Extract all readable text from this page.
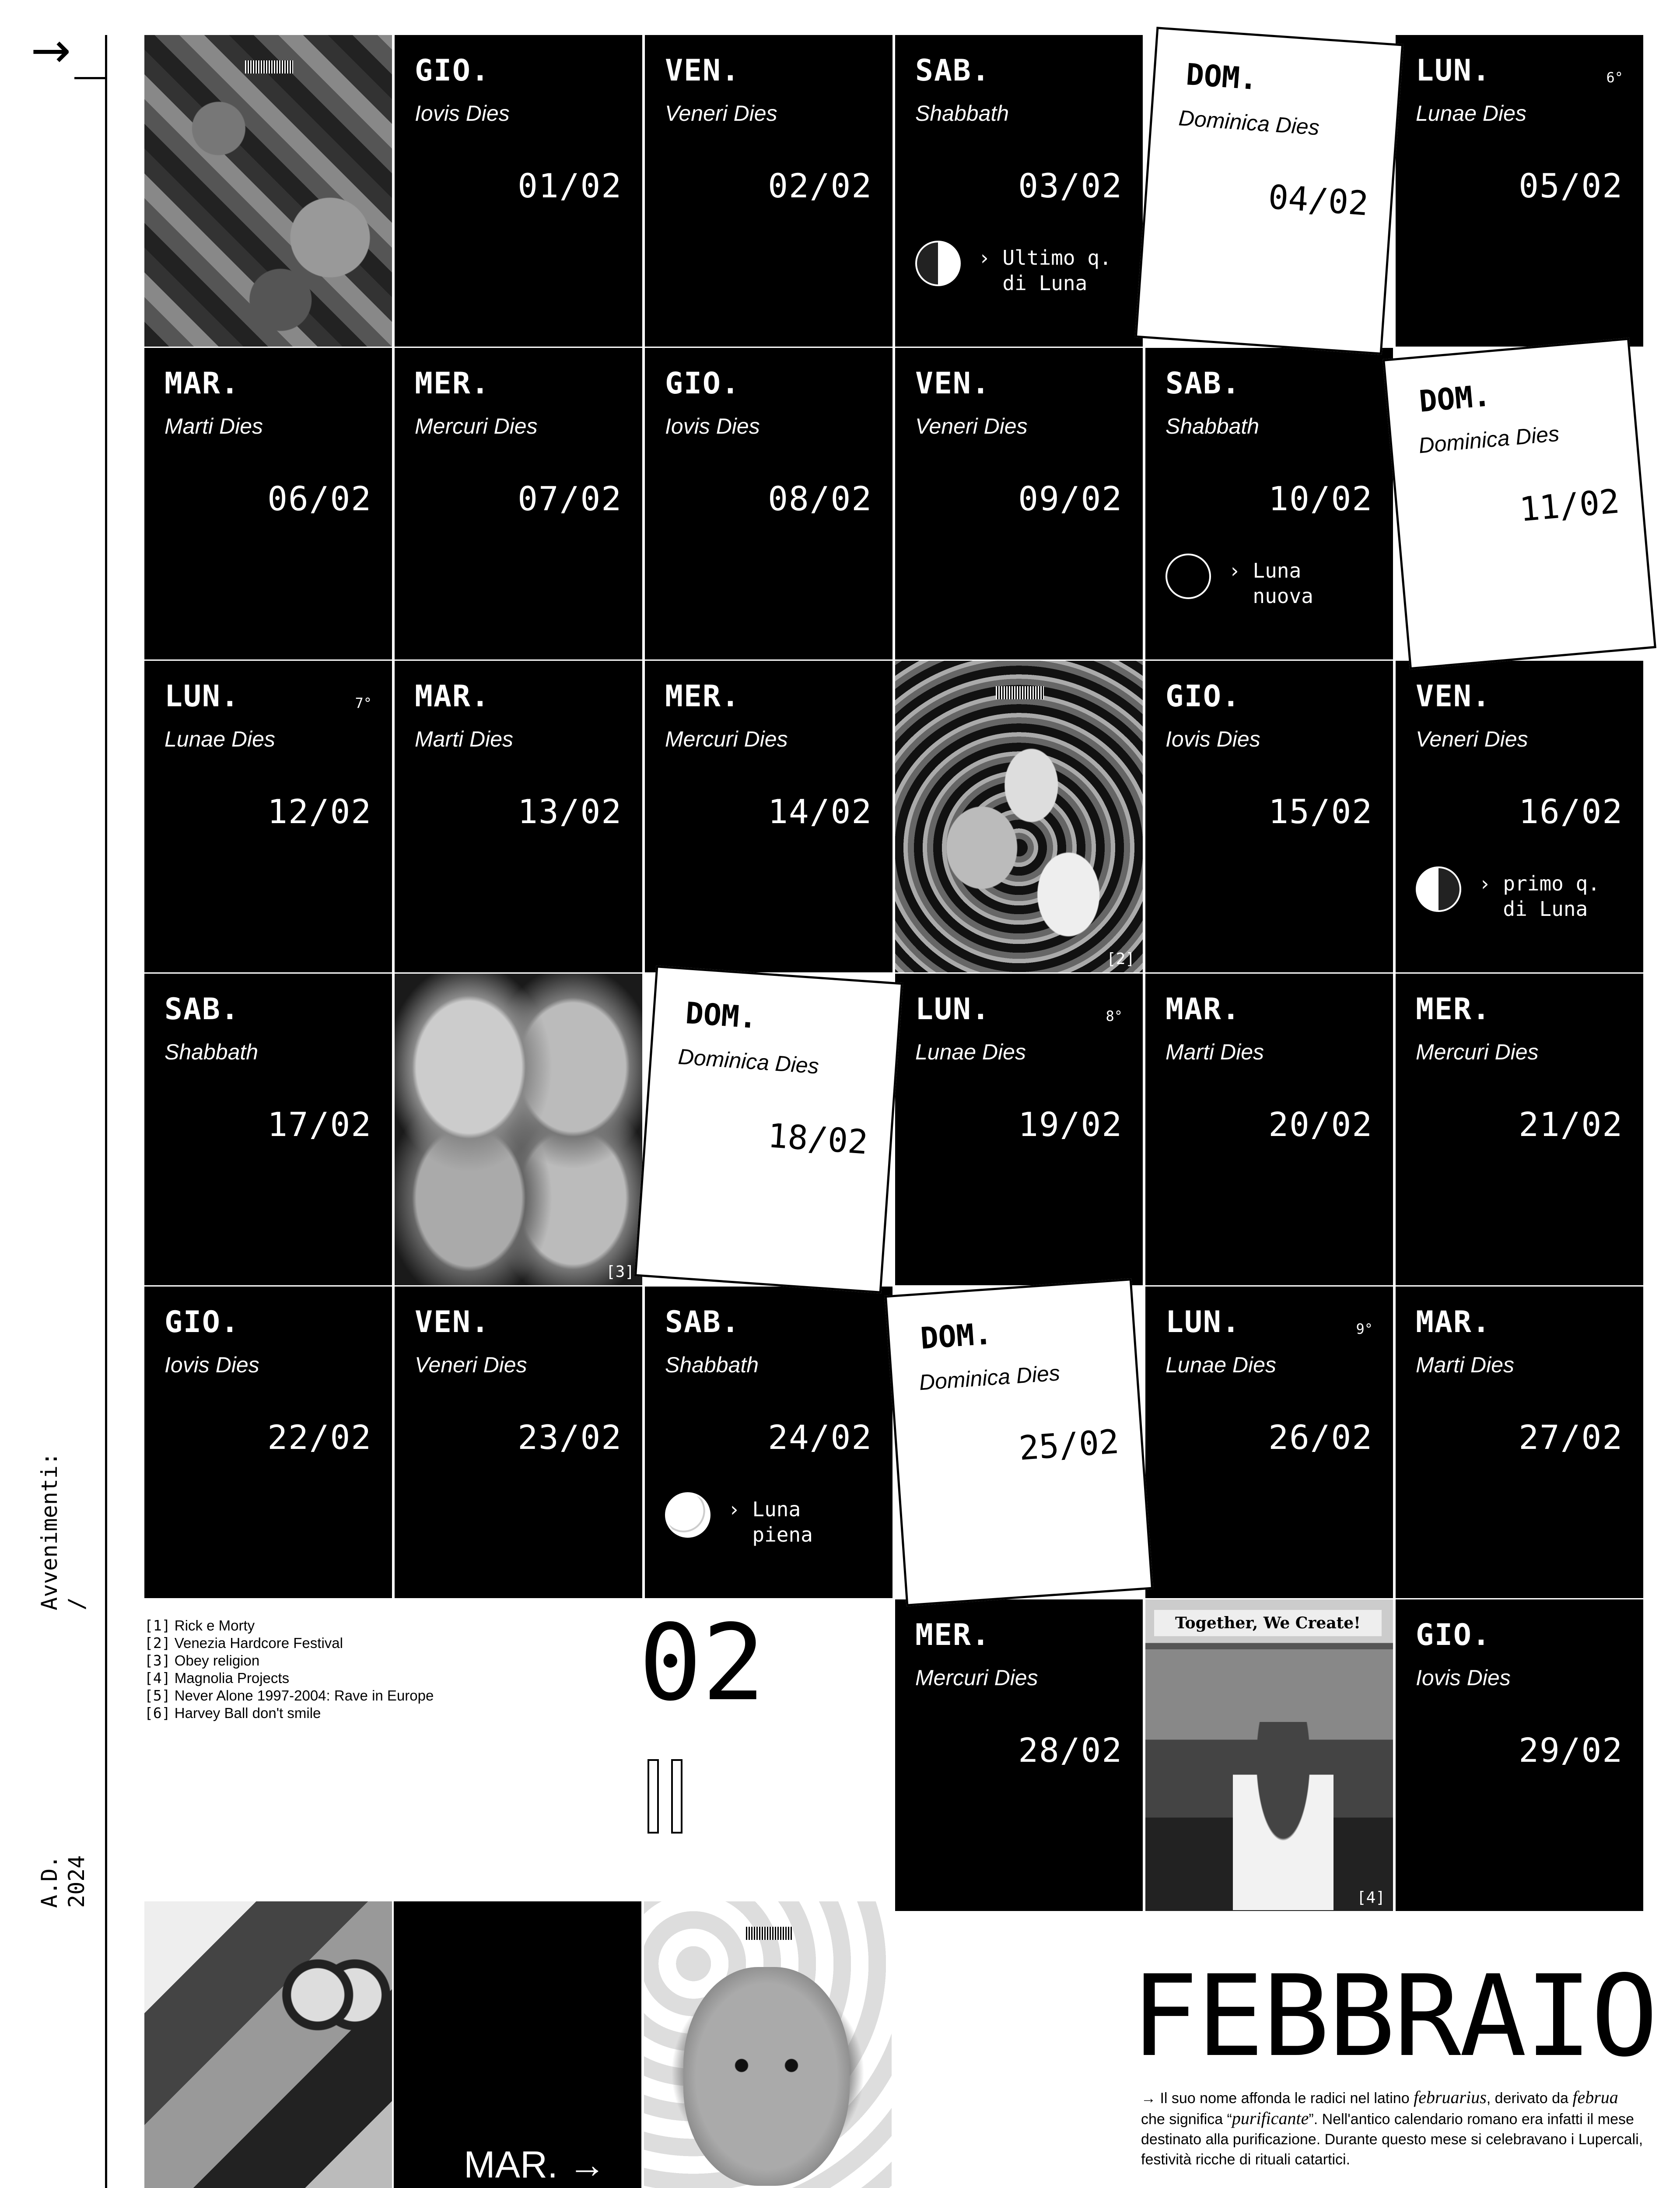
→
Avvenimenti: /
A.D. 2024
[2]
[3]
Together, We Create!
[4]
GIO.
Iovis Dies
01/02
VEN.
Veneri Dies
02/02
SAB.
Shabbath
03/02
› Ultimo q.
di Luna
DOM.
Dominica Dies
04/02
LUN.
Lunae Dies
05/02
6°
MAR.
Marti Dies
06/02
MER.
Mercuri Dies
07/02
GIO.
Iovis Dies
08/02
VEN.
Veneri Dies
09/02
SAB.
Shabbath
10/02
› Luna
nuova
DOM.
Dominica Dies
11/02
LUN.
Lunae Dies
12/02
7° MAR.
Marti Dies
13/02
MER.
Mercuri Dies
14/02
GIO.
Iovis Dies
15/02
VEN.
Veneri Dies
16/02
› primo q.
di Luna
SAB.
Shabbath
17/02
DOM.
Dominica Dies
18/02
LUN.
Lunae Dies
19/02
8° MAR.
Marti Dies
20/02
MER.
Mercuri Dies
21/02
GIO.
Iovis Dies
22/02
VEN.
Veneri Dies
23/02
SAB.
Shabbath
24/02
› Luna
piena
DOM.
Dominica Dies
25/02
LUN.
Lunae Dies
26/02
9° MAR.
Marti Dies
27/02
MER.
Mercuri Dies
28/02
GIO.
Iovis Dies
29/02
[1] Rick e Morty
[2] Venezia Hardcore Festival
[3] Obey religion
[4] Magnolia Projects
[5] Never Alone 1997-2004: Rave in Europe
[6] Harvey Ball don't smile	02
MAR. →
FEBBRAIO
→ Il suo nome affonda le radici nel latino februarius, derivato da februa che significa “purificante”. Nell'antico calendario romano era infatti il mese destinato alla purificazione. Durante questo mese si celebravano i Lupercali, festività ricche di rituali catartici.
